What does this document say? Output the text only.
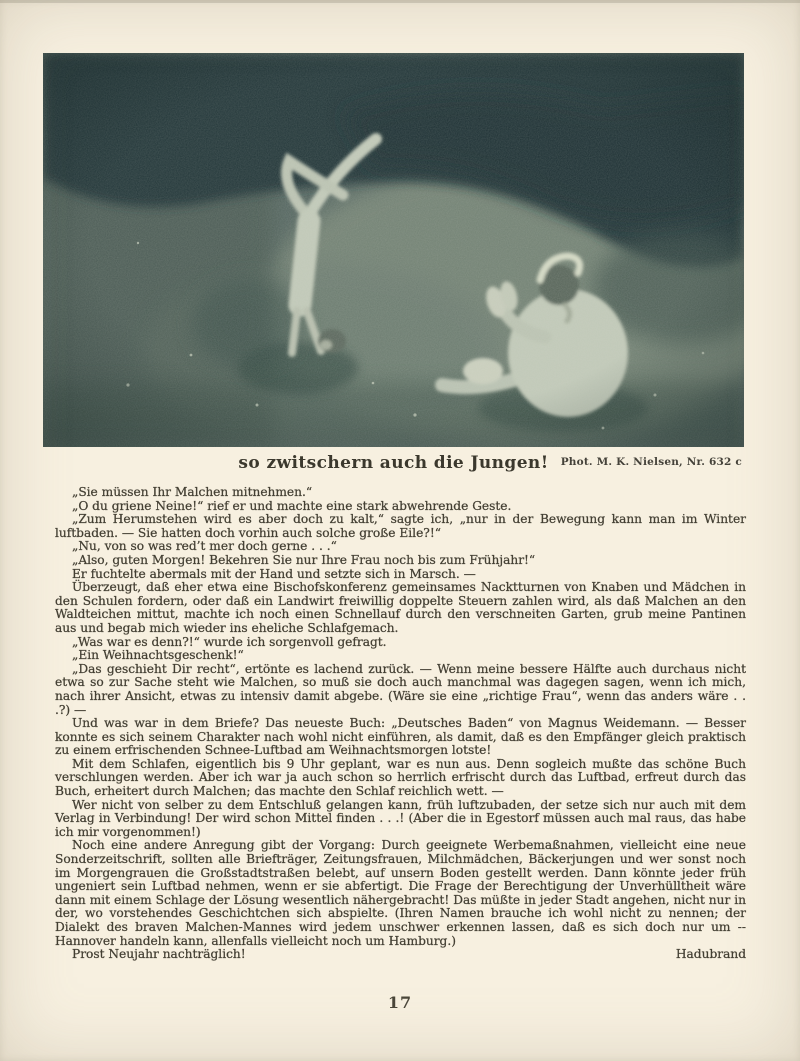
so zwitschern auch die Jungen!	Phot. M. K. Nielsen, Nr. 632 c

„Sie müssen Ihr Malchen mitnehmen.“

„O du griene Neine!“ rief er und machte eine stark abwehrende Geste.

„Zum Herumstehen wird es aber doch zu kalt,“ sagte ich, „nur in der Bewegung kann man im Winter luftbaden. — Sie hatten doch vorhin auch solche große Eile?!“

„Nu, von so was red’t mer doch gerne . . .“

„Also, guten Morgen! Bekehren Sie nur Ihre Frau noch bis zum Frühjahr!“

Er fuchtelte abermals mit der Hand und setzte sich in Marsch. —

Überzeugt, daß eher etwa eine Bischofskonferenz gemeinsames Nacktturnen von Knaben und Mädchen in den Schulen fordern, oder daß ein Landwirt freiwillig doppelte Steuern zahlen wird, als daß Malchen an den Waldteichen mittut, machte ich noch einen Schnellauf durch den verschneiten Garten, grub meine Pantinen aus und begab mich wieder ins eheliche Schlafgemach.

„Was war es denn?!“ wurde ich sorgenvoll gefragt.

„Ein Weihnachtsgeschenk!“

„Das geschieht Dir recht“, ertönte es lachend zurück. — Wenn meine bessere Hälfte auch durchaus nicht etwa so zur Sache steht wie Malchen, so muß sie doch auch manchmal was dagegen sagen, wenn ich mich, nach ihrer Ansicht, etwas zu intensiv damit abgebe. (Wäre sie eine „richtige Frau“, wenn das anders wäre . . .?) —

Und was war in dem Briefe? Das neueste Buch: „Deutsches Baden“ von Magnus Weidemann. — Besser konnte es sich seinem Charakter nach wohl nicht einführen, als damit, daß es den Empfänger gleich praktisch zu einem erfrischenden Schnee-Luftbad am Weihnachtsmorgen lotste!

Mit dem Schlafen, eigentlich bis 9 Uhr geplant, war es nun aus. Denn sogleich mußte das schöne Buch verschlungen werden. Aber ich war ja auch schon so herrlich erfrischt durch das Luftbad, erfreut durch das Buch, erheitert durch Malchen; das machte den Schlaf reichlich wett. —

Wer nicht von selber zu dem Entschluß gelangen kann, früh luftzubaden, der setze sich nur auch mit dem Verlag in Verbindung! Der wird schon Mittel finden . . .! (Aber die in Egestorf müssen auch mal raus, das habe ich mir vorgenommen!)

Noch eine andere Anregung gibt der Vorgang: Durch geeignete Werbemaßnahmen, vielleicht eine neue Sonderzeitschrift, sollten alle Briefträger, Zeitungsfrauen, Milchmädchen, Bäckerjungen und wer sonst noch im Morgengrauen die Großstadtstraßen belebt, auf unsern Boden gestellt werden. Dann könnte jeder früh ungeniert sein Luftbad nehmen, wenn er sie abfertigt. Die Frage der Berechtigung der Unverhülltheit wäre dann mit einem Schlage der Lösung wesentlich nähergebracht! Das müßte in jeder Stadt angehen, nicht nur in der, wo vorstehendes Geschichtchen sich abspielte. (Ihren Namen brauche ich wohl nicht zu nennen; der Dialekt des braven Malchen-Mannes wird jedem unschwer erkennen lassen, daß es sich doch nur um -- Hannover handeln kann, allenfalls vielleicht noch um Hamburg.)

Prost Neujahr nachträglich!	Hadubrand
17
